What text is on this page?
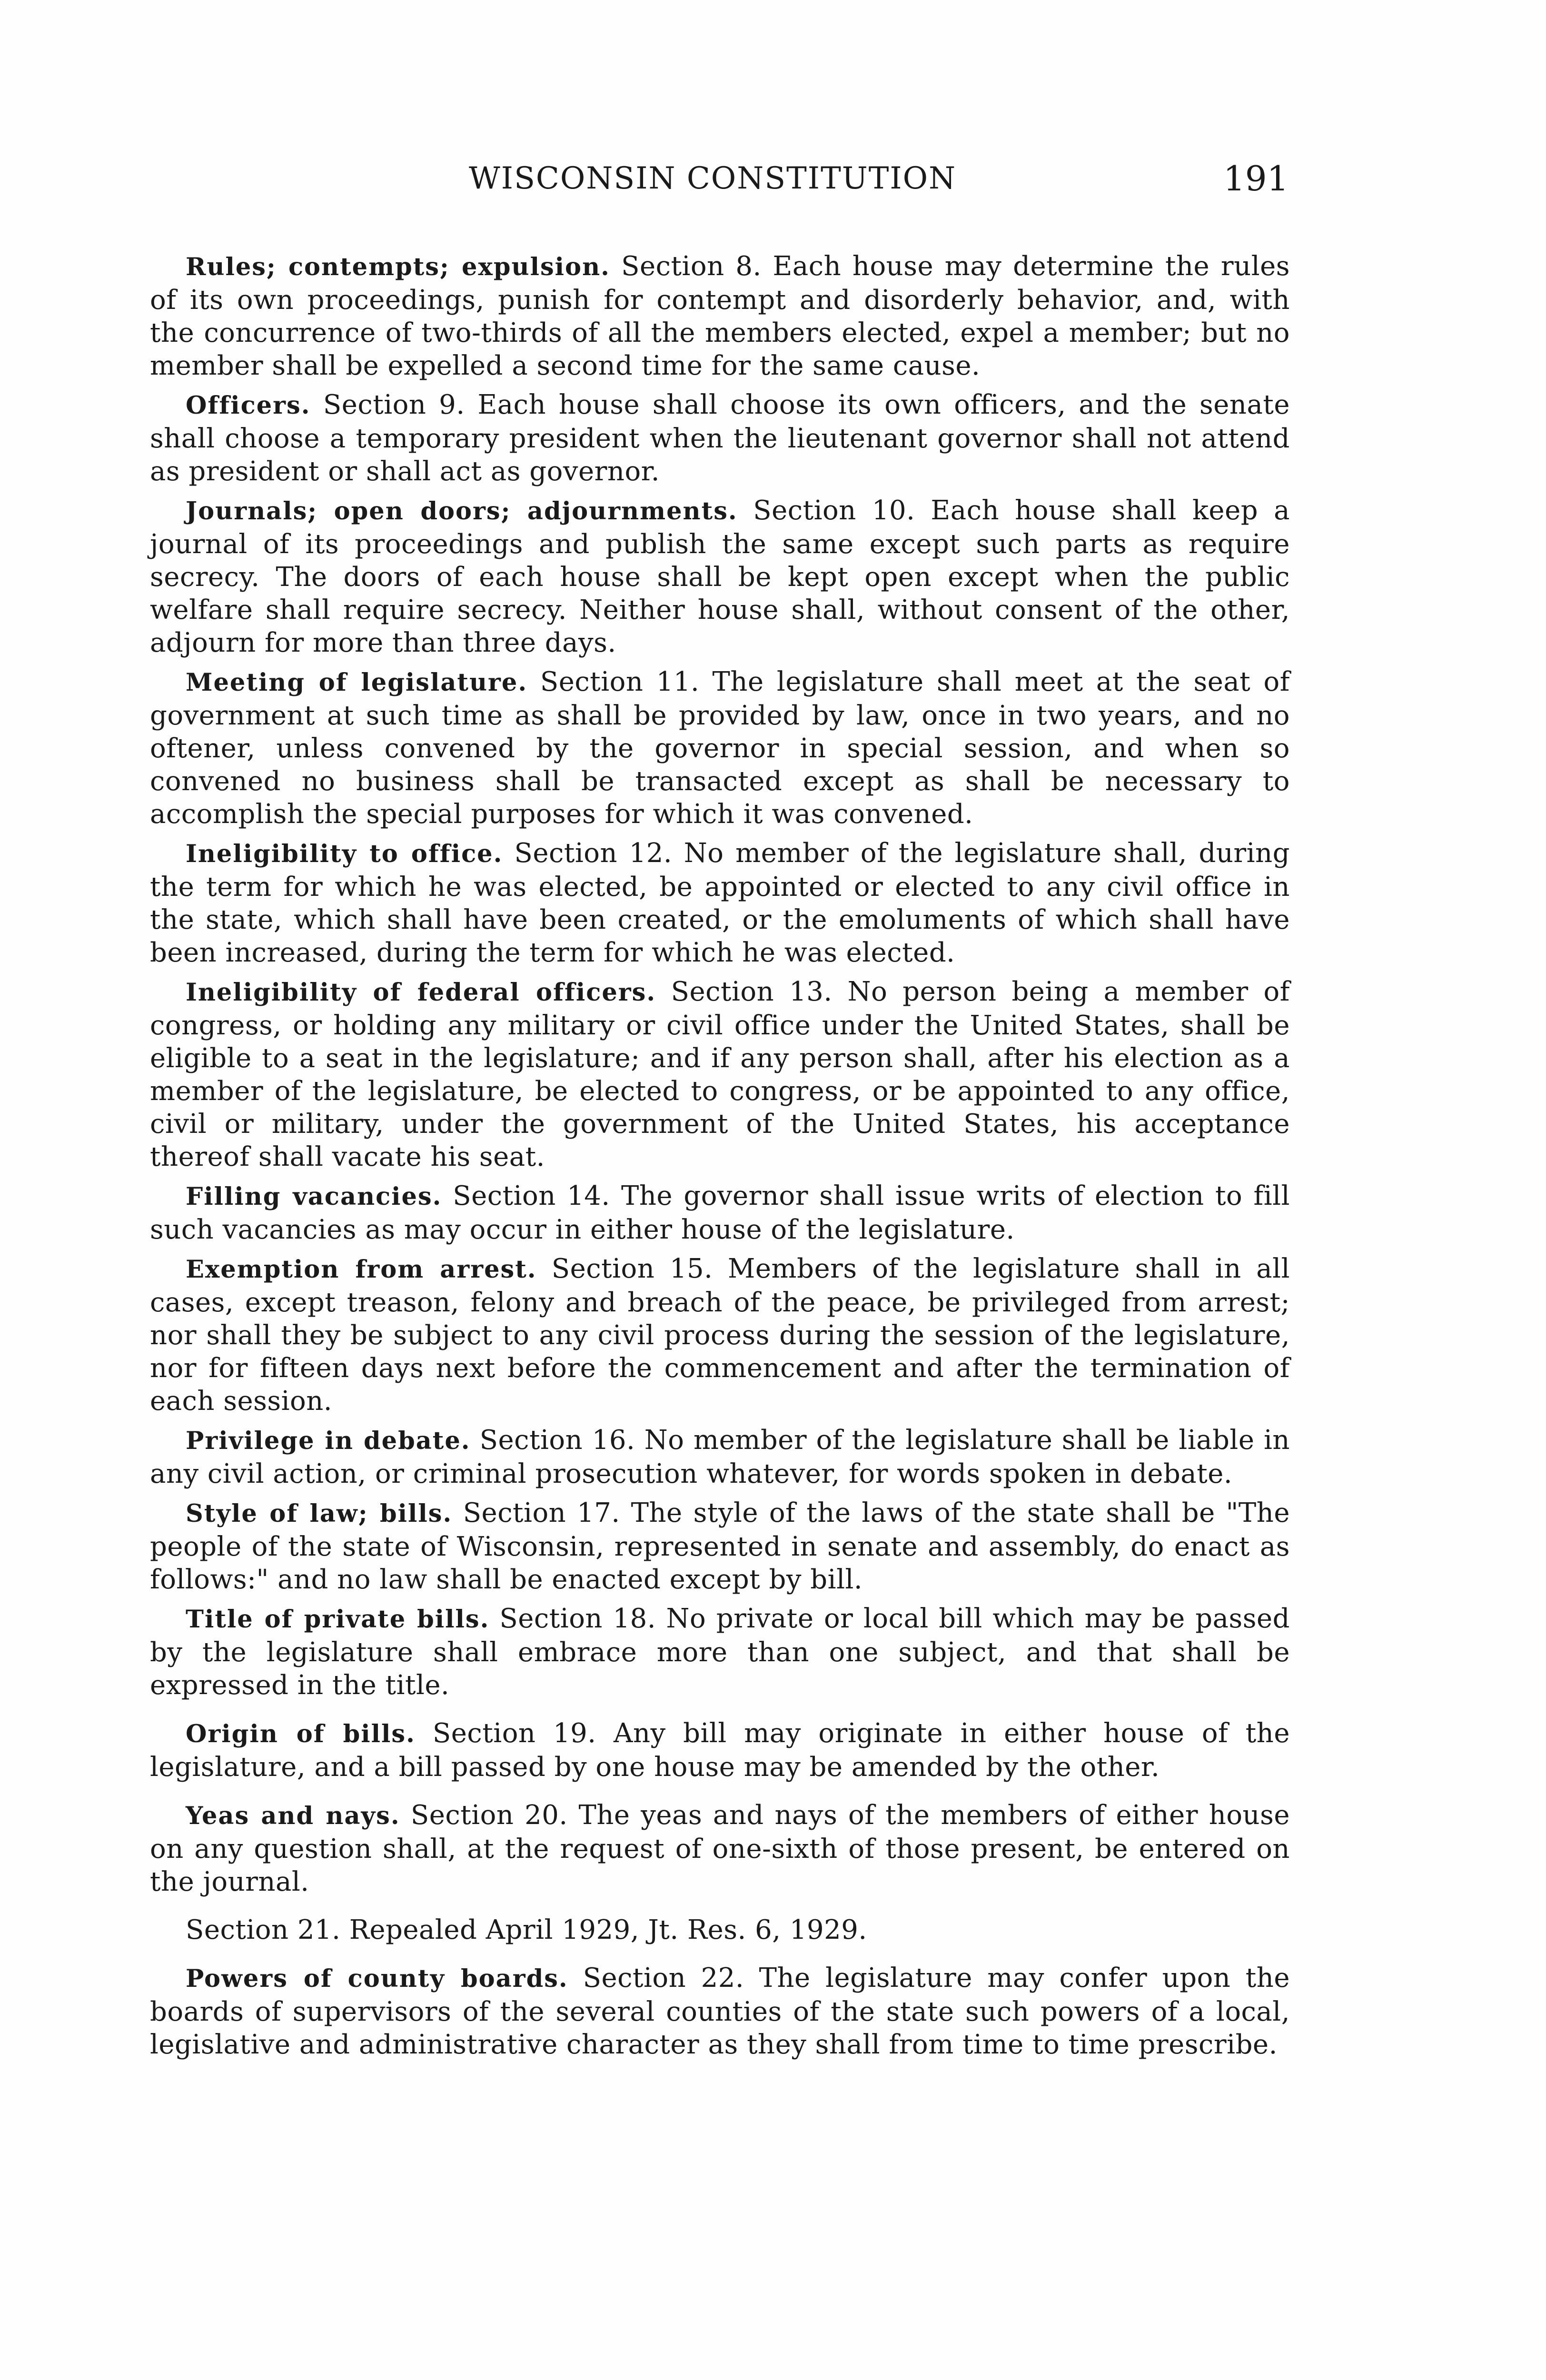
WISCONSIN CONSTITUTION	191

Rules; contempts; expulsion. Section 8. Each house may determine the rules of its own proceedings, punish for contempt and disorderly behavior, and, with the concurrence of two-thirds of all the members elected, expel a member; but no member shall be expelled a second time for the same cause.

Officers. Section 9. Each house shall choose its own officers, and the senate shall choose a temporary president when the lieutenant governor shall not attend as president or shall act as governor.

Journals; open doors; adjournments. Section 10. Each house shall keep a journal of its proceedings and publish the same except such parts as require secrecy. The doors of each house shall be kept open except when the public welfare shall require secrecy. Neither house shall, without consent of the other, adjourn for more than three days.

Meeting of legislature. Section 11. The legislature shall meet at the seat of government at such time as shall be provided by law, once in two years, and no oftener, unless convened by the governor in special session, and when so convened no business shall be transacted except as shall be necessary to accomplish the special purposes for which it was convened.

Ineligibility to office. Section 12. No member of the legislature shall, during the term for which he was elected, be appointed or elected to any civil office in the state, which shall have been created, or the emoluments of which shall have been increased, during the term for which he was elected.

Ineligibility of federal officers. Section 13. No person being a member of congress, or holding any military or civil office under the United States, shall be eligible to a seat in the legislature; and if any person shall, after his election as a member of the legislature, be elected to congress, or be appointed to any office, civil or military, under the government of the United States, his acceptance thereof shall vacate his seat.

Filling vacancies. Section 14. The governor shall issue writs of election to fill such vacancies as may occur in either house of the legislature.

Exemption from arrest. Section 15. Members of the legislature shall in all cases, except treason, felony and breach of the peace, be privileged from arrest; nor shall they be subject to any civil process during the session of the legislature, nor for fifteen days next before the commencement and after the termination of each session.

Privilege in debate. Section 16. No member of the legislature shall be liable in any civil action, or criminal prosecution whatever, for words spoken in debate.

Style of law; bills. Section 17. The style of the laws of the state shall be "The people of the state of Wisconsin, represented in senate and assembly, do enact as follows:" and no law shall be enacted except by bill.

Title of private bills. Section 18. No private or local bill which may be passed by the legislature shall embrace more than one subject, and that shall be expressed in the title.

Origin of bills. Section 19. Any bill may originate in either house of the legislature, and a bill passed by one house may be amended by the other.

Yeas and nays. Section 20. The yeas and nays of the members of either house on any question shall, at the request of one-sixth of those present, be entered on the journal.

Section 21. Repealed April 1929, Jt. Res. 6, 1929.

Powers of county boards. Section 22. The legislature may confer upon the boards of supervisors of the several counties of the state such powers of a local, legislative and administrative character as they shall from time to time prescribe.
